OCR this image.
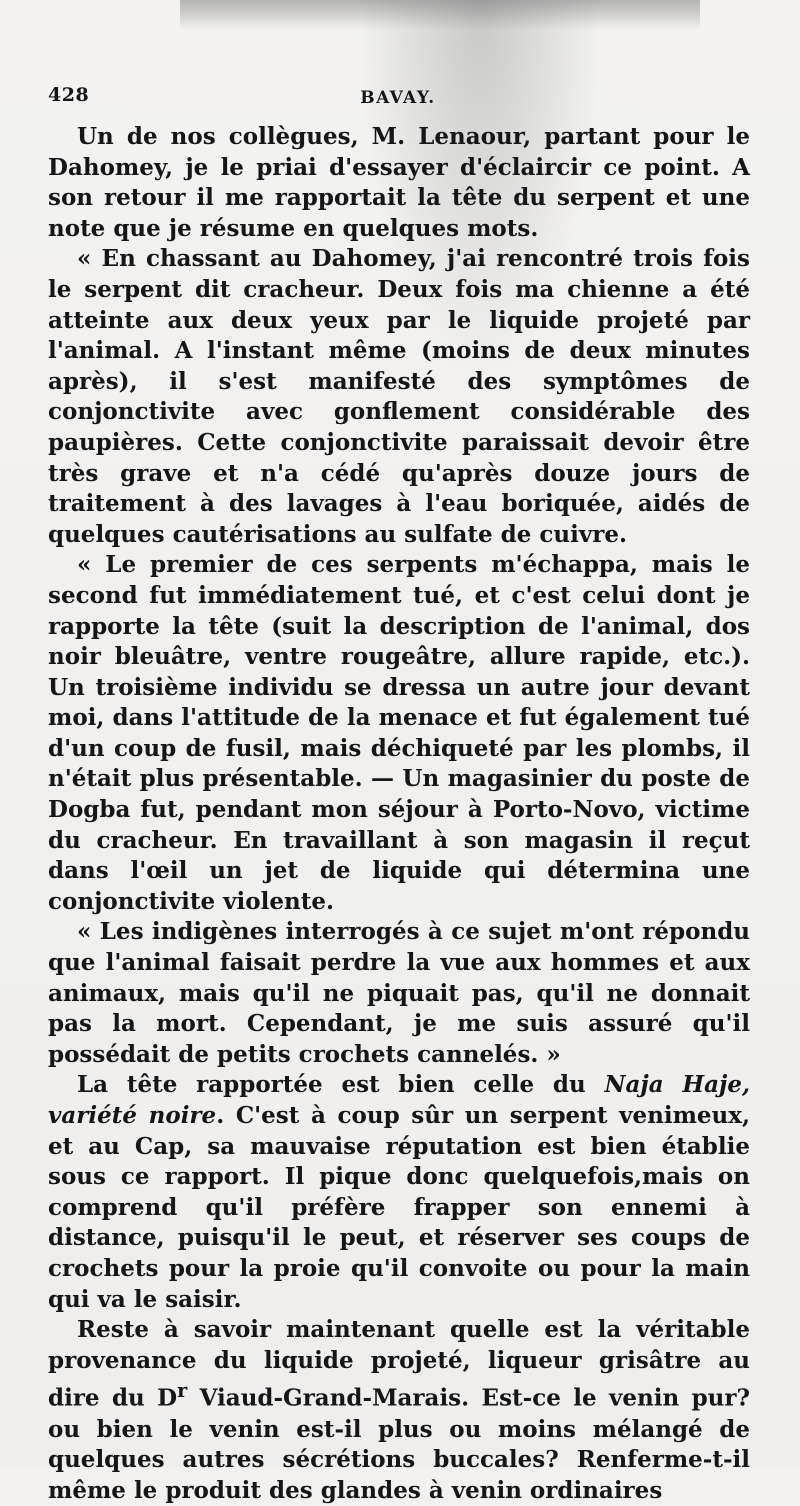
428	BAVAY.

Un de nos collègues, M. Lenaour, partant pour le Dahomey, je le priai d'essayer d'éclaircir ce point. A son retour il me rapportait la tête du serpent et une note que je résume en quelques mots.

« En chassant au Dahomey, j'ai rencontré trois fois le serpent dit cracheur. Deux fois ma chienne a été atteinte aux deux yeux par le liquide projeté par l'animal. A l'instant même (moins de deux minutes après), il s'est manifesté des symptômes de conjonctivite avec gonflement considérable des paupières. Cette conjonctivite paraissait devoir être très grave et n'a cédé qu'après douze jours de traitement à des lavages à l'eau boriquée, aidés de quelques cautérisations au sulfate de cuivre.

« Le premier de ces serpents m'échappa, mais le second fut immédiatement tué, et c'est celui dont je rapporte la tête (suit la description de l'animal, dos noir bleuâtre, ventre rougeâtre, allure rapide, etc.). Un troisième individu se dressa un autre jour devant moi, dans l'attitude de la menace et fut également tué d'un coup de fusil, mais déchiqueté par les plombs, il n'était plus présentable. — Un magasinier du poste de Dogba fut, pendant mon séjour à Porto-Novo, victime du cracheur. En travaillant à son magasin il reçut dans l'œil un jet de liquide qui détermina une conjonctivite violente.

« Les indigènes interrogés à ce sujet m'ont répondu que l'animal faisait perdre la vue aux hommes et aux animaux, mais qu'il ne piquait pas, qu'il ne donnait pas la mort. Cependant, je me suis assuré qu'il possédait de petits crochets cannelés. »

La tête rapportée est bien celle du Naja Haje, variété noire. C'est à coup sûr un serpent venimeux, et au Cap, sa mauvaise réputation est bien établie sous ce rapport. Il pique donc quelquefois,mais on comprend qu'il préfère frapper son ennemi à distance, puisqu'il le peut, et réserver ses coups de crochets pour la proie qu'il convoite ou pour la main qui va le saisir.

Reste à savoir maintenant quelle est la véritable provenance du liquide projeté, liqueur grisâtre au dire du $D^r$ Viaud-Grand-Marais. Est-ce le venin pur? ou bien le venin est-il plus ou moins mélangé de quelques autres sécrétions buccales? Renferme-t-il même le produit des glandes à venin ordinaires
